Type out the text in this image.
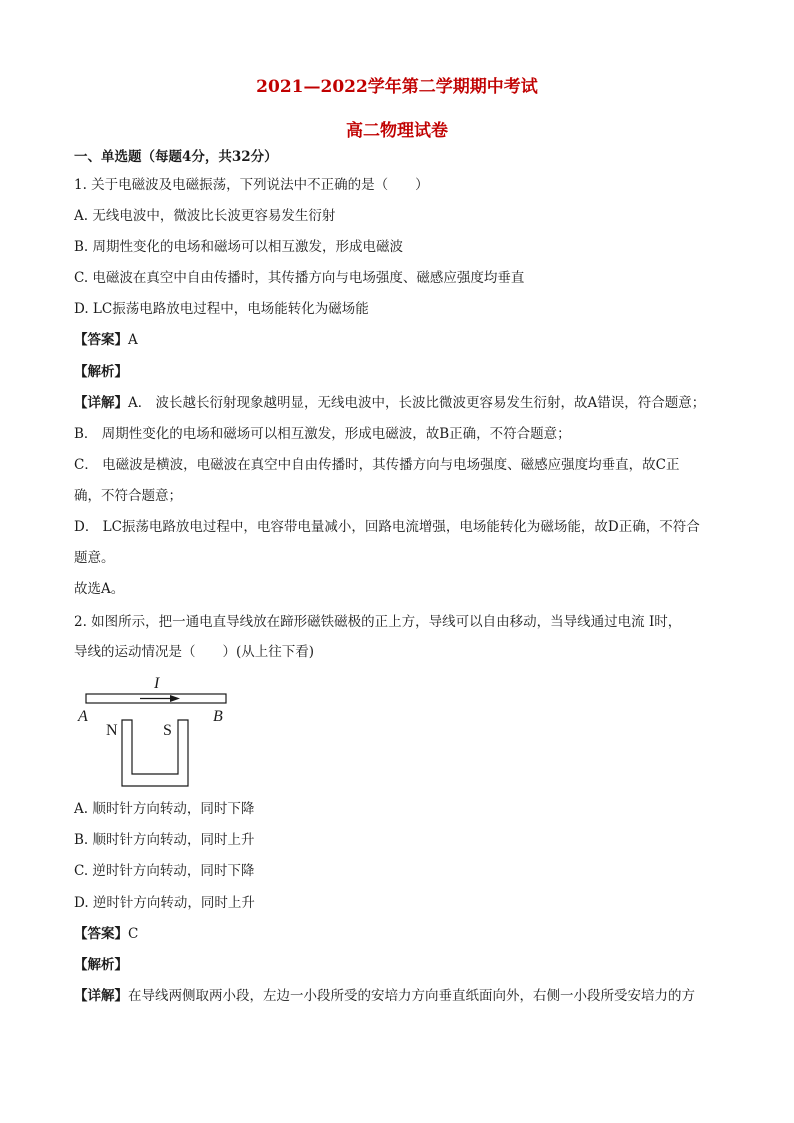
2021—2022学年第二学期期中考试
高二物理试卷
一、单选题（每题4分，共32分）
1. 关于电磁波及电磁振荡，下列说法中不正确的是（　　）
A. 无线电波中，微波比长波更容易发生衍射
B. 周期性变化的电场和磁场可以相互激发，形成电磁波
C. 电磁波在真空中自由传播时，其传播方向与电场强度、磁感应强度均垂直
D. LC振荡电路放电过程中，电场能转化为磁场能
【答案】A
【解析】
【详解】A． 波长越长衍射现象越明显，无线电波中，长波比微波更容易发生衍射，故A错误，符合题意；
B． 周期性变化的电场和磁场可以相互激发，形成电磁波，故B正确，不符合题意；
C． 电磁波是横波，电磁波在真空中自由传播时，其传播方向与电场强度、磁感应强度均垂直，故C正
确，不符合题意；
D． LC振荡电路放电过程中，电容带电量减小，回路电流增强，电场能转化为磁场能，故D正确，不符合
题意。
故选A。
2. 如图所示，把一通电直导线放在蹄形磁铁磁极的正上方，导线可以自由移动，当导线通过电流 I时，
导线的运动情况是（　　）(从上往下看)
I
A	B
N	S
A. 顺时针方向转动，同时下降
B. 顺时针方向转动，同时上升
C. 逆时针方向转动，同时下降
D. 逆时针方向转动，同时上升
【答案】C
【解析】
【详解】在导线两侧取两小段，左边一小段所受的安培力方向垂直纸面向外，右侧一小段所受安培力的方
